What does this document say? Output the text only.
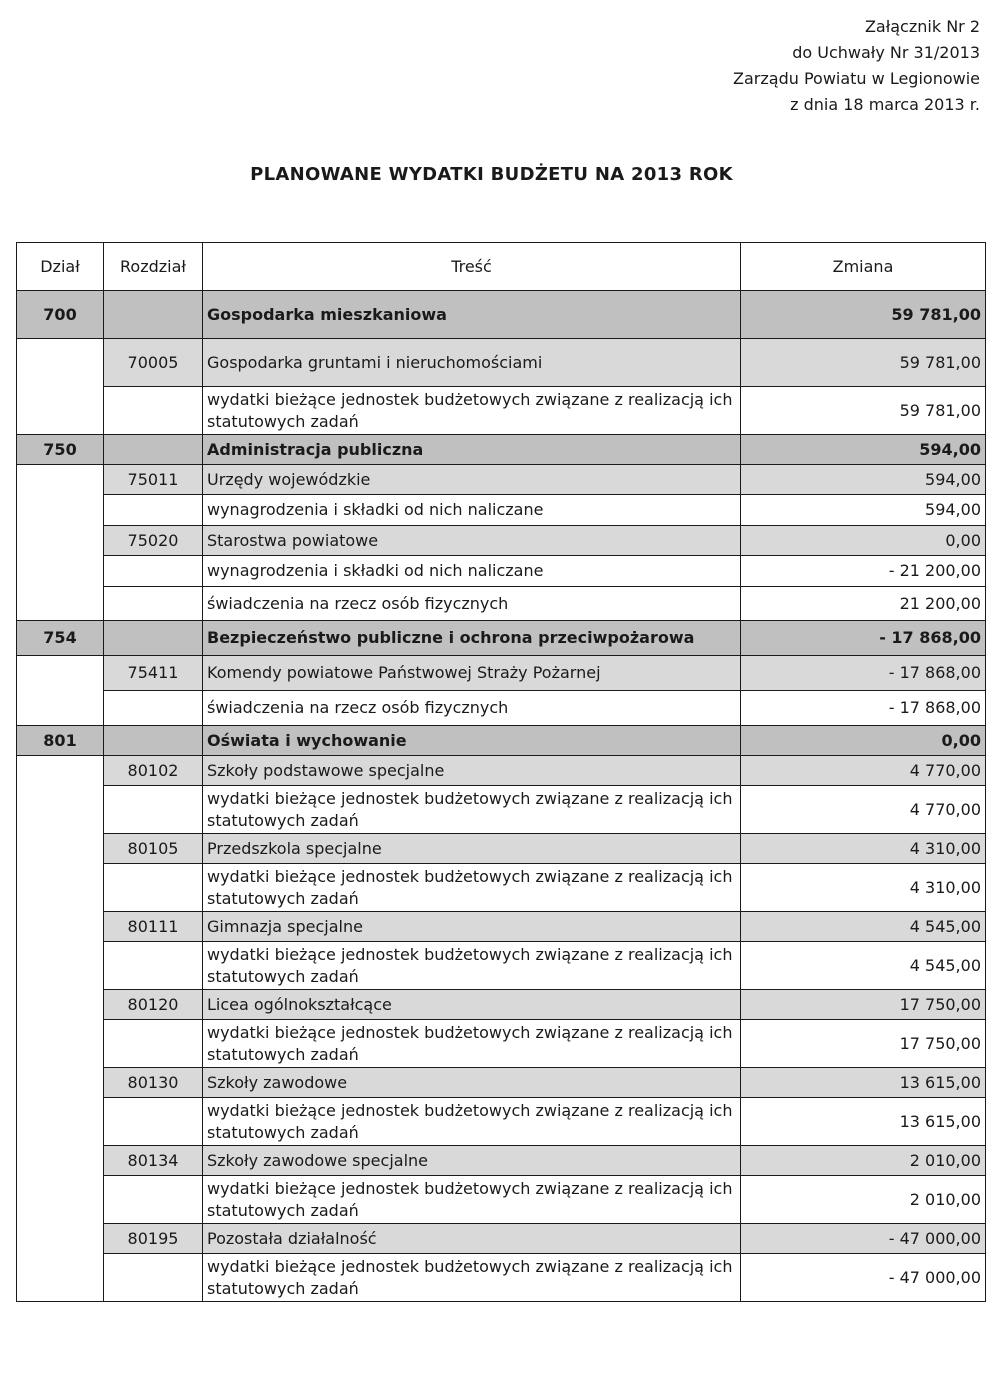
Załącznik Nr 2
do Uchwały Nr 31/2013
Zarządu Powiatu w Legionowie
z dnia 18 marca 2013 r.
PLANOWANE WYDATKI BUDŻETU NA 2013 ROK
Dział	Rozdział	Treść	Zmiana
700		Gospodarka mieszkaniowa	59 781,00
	70005	Gospodarka gruntami i nieruchomościami	59 781,00
		wydatki bieżące jednostek budżetowych związane z realizacją ich statutowych zadań	59 781,00
750		Administracja publiczna	594,00
	75011	Urzędy wojewódzkie	594,00
		wynagrodzenia i składki od nich naliczane	594,00
	75020	Starostwa powiatowe	0,00
		wynagrodzenia i składki od nich naliczane	- 21 200,00
		świadczenia na rzecz osób fizycznych	21 200,00
754		Bezpieczeństwo publiczne i ochrona przeciwpożarowa	- 17 868,00
	75411	Komendy powiatowe Państwowej Straży Pożarnej	- 17 868,00
		świadczenia na rzecz osób fizycznych	- 17 868,00
801		Oświata i wychowanie	0,00
	80102	Szkoły podstawowe specjalne	4 770,00
		wydatki bieżące jednostek budżetowych związane z realizacją ich statutowych zadań	4 770,00
	80105	Przedszkola specjalne	4 310,00
		wydatki bieżące jednostek budżetowych związane z realizacją ich statutowych zadań	4 310,00
	80111	Gimnazja specjalne	4 545,00
		wydatki bieżące jednostek budżetowych związane z realizacją ich statutowych zadań	4 545,00
	80120	Licea ogólnokształcące	17 750,00
		wydatki bieżące jednostek budżetowych związane z realizacją ich statutowych zadań	17 750,00
	80130	Szkoły zawodowe	13 615,00
		wydatki bieżące jednostek budżetowych związane z realizacją ich statutowych zadań	13 615,00
	80134	Szkoły zawodowe specjalne	2 010,00
		wydatki bieżące jednostek budżetowych związane z realizacją ich statutowych zadań	2 010,00
	80195	Pozostała działalność	- 47 000,00
		wydatki bieżące jednostek budżetowych związane z realizacją ich statutowych zadań	- 47 000,00
